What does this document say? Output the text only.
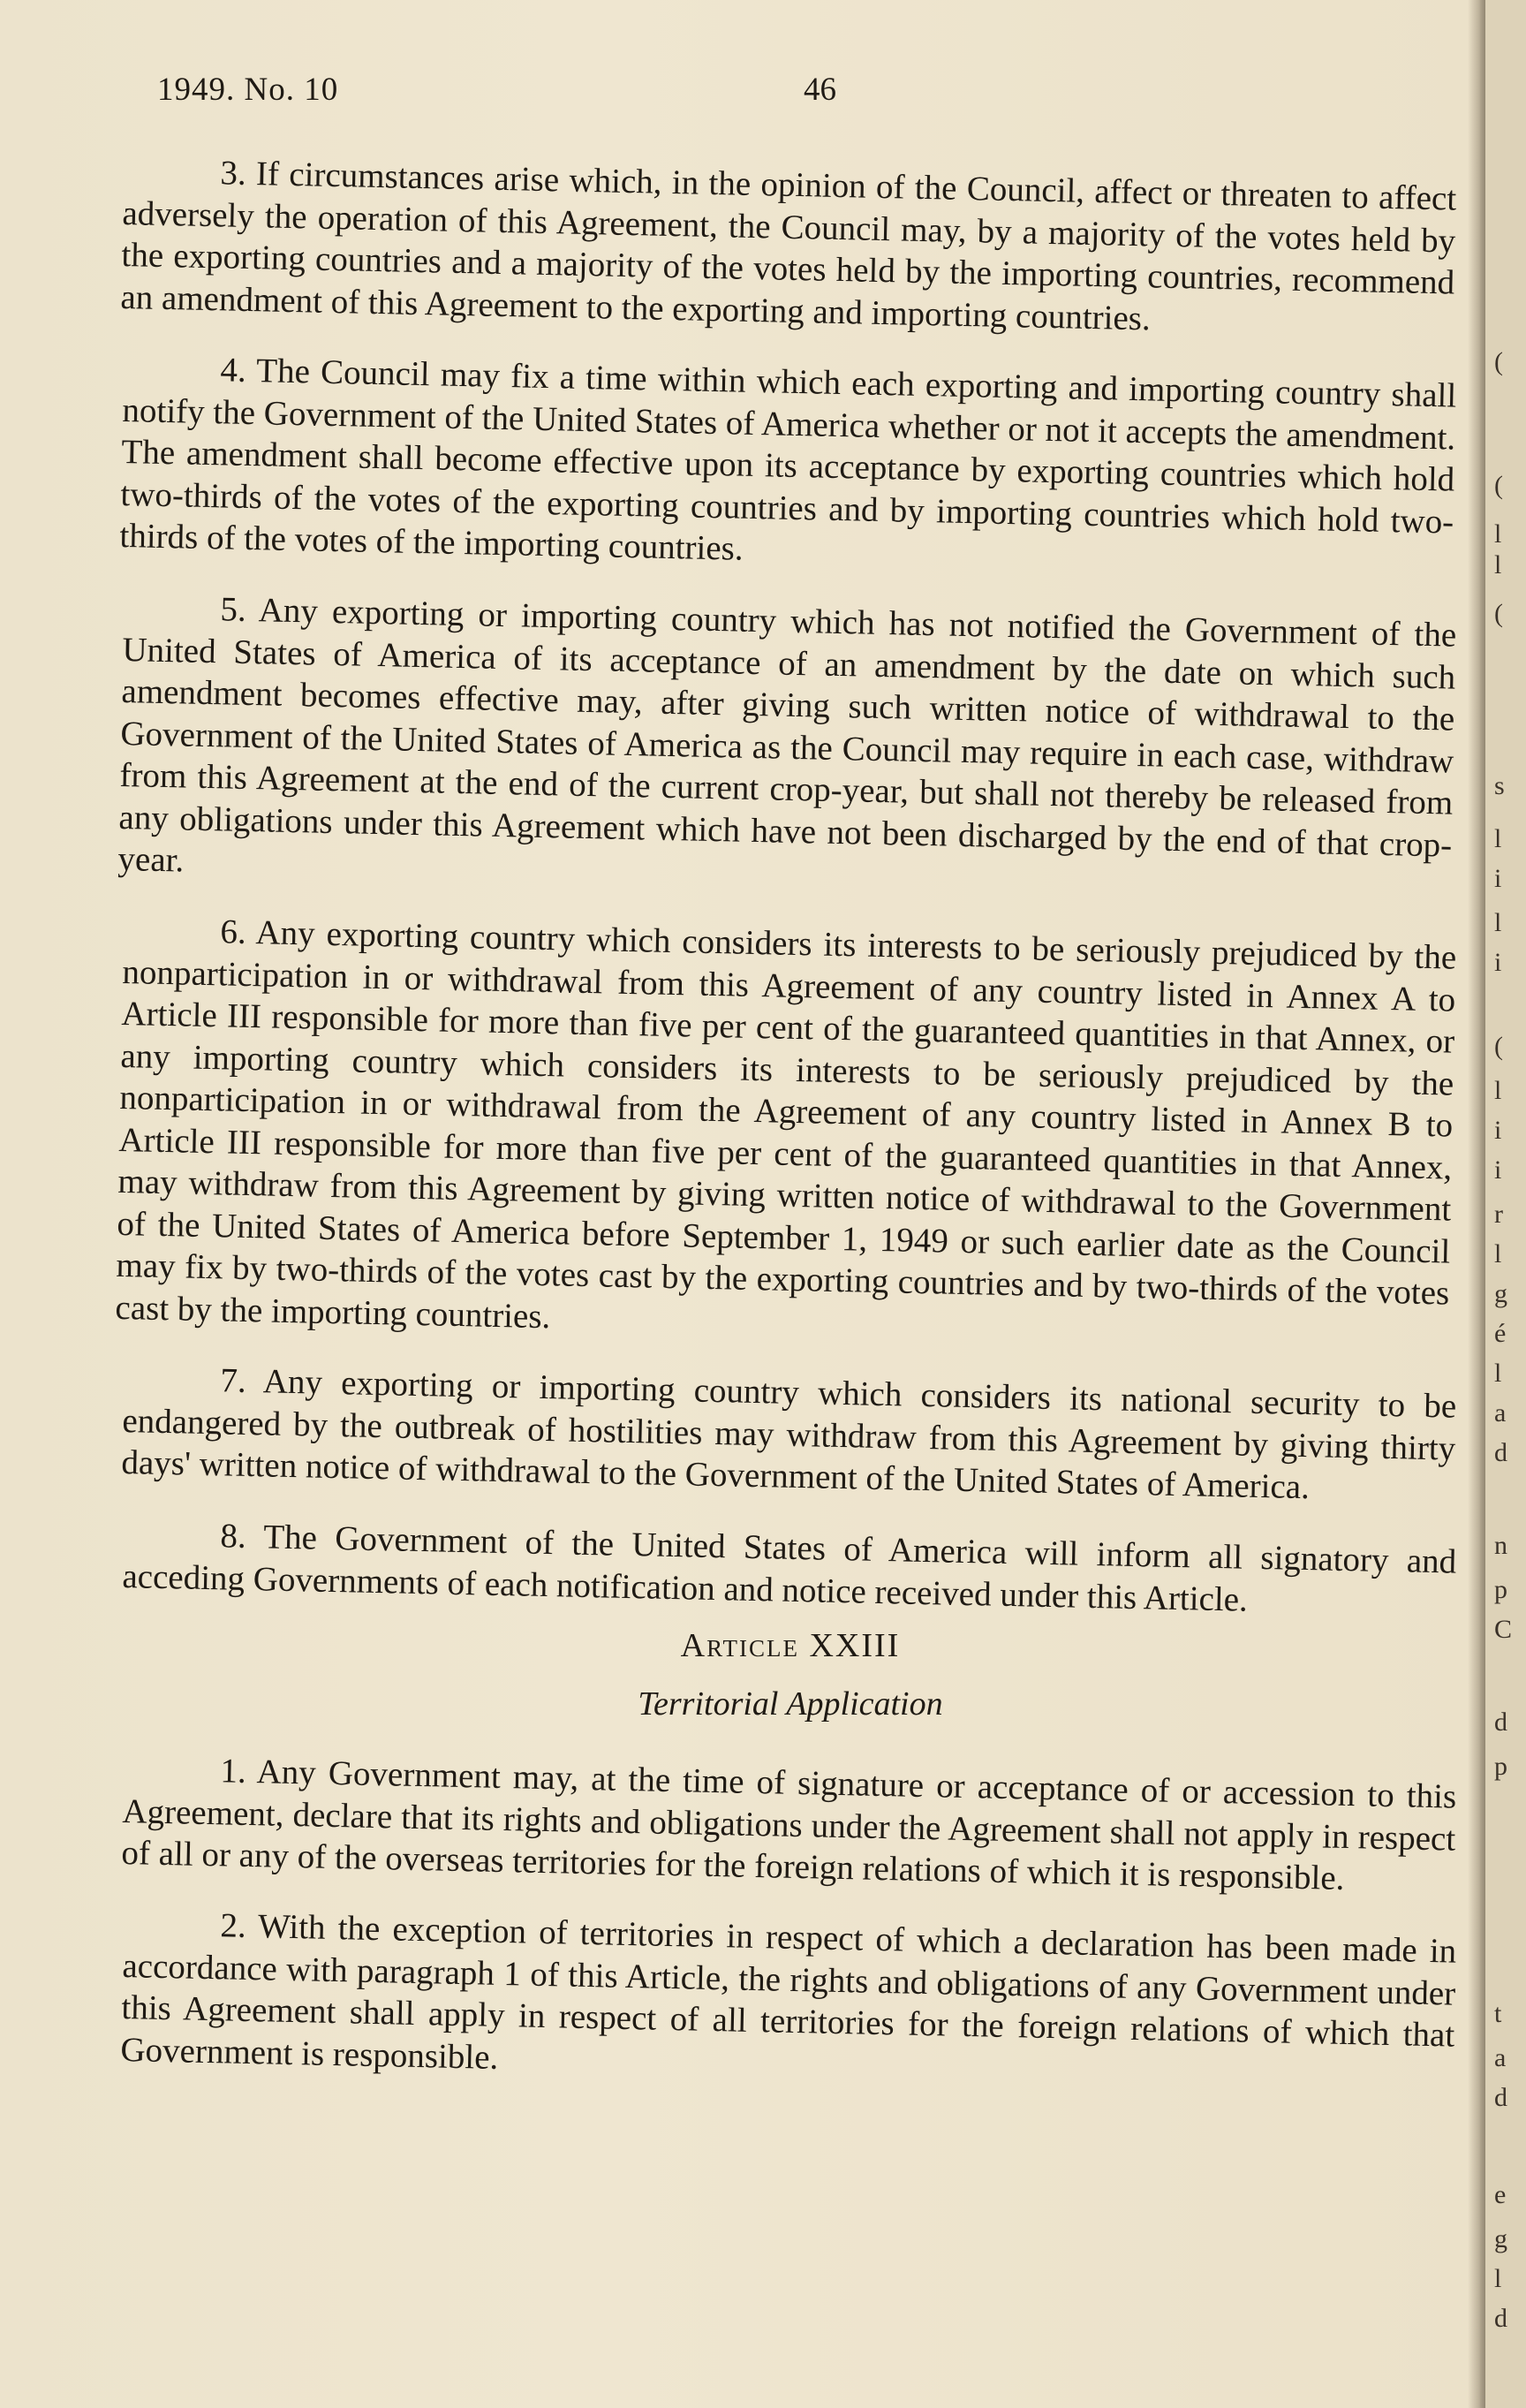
1949. No. 10	46

3. If circumstances arise which, in the opinion of the Council, affect or threaten to affect adversely the operation of this Agreement, the Council may, by a majority of the votes held by the exporting countries and a majority of the votes held by the importing countries, recommend an amendment of this Agreement to the exporting and importing countries.

4. The Council may fix a time within which each exporting and importing country shall notify the Government of the United States of America whether or not it accepts the amendment. The amendment shall become effective upon its acceptance by exporting countries which hold two-thirds of the votes of the exporting countries and by importing countries which hold two-thirds of the votes of the importing countries.

5. Any exporting or importing country which has not notified the Government of the United States of America of its acceptance of an amendment by the date on which such amendment becomes effective may, after giving such written notice of withdrawal to the Government of the United States of America as the Council may require in each case, withdraw from this Agreement at the end of the current crop-year, but shall not thereby be released from any obligations under this Agreement which have not been discharged by the end of that crop-year.

6. Any exporting country which considers its interests to be seriously prejudiced by the nonparticipation in or withdrawal from this Agreement of any country listed in Annex A to Article III responsible for more than five per cent of the guaranteed quantities in that Annex, or any importing country which considers its interests to be seriously prejudiced by the nonparticipation in or withdrawal from the Agreement of any country listed in Annex B to Article III responsible for more than five per cent of the guaranteed quantities in that Annex, may withdraw from this Agreement by giving written notice of withdrawal to the Government of the United States of America before September 1, 1949 or such earlier date as the Council may fix by two-thirds of the votes cast by the exporting countries and by two-thirds of the votes cast by the importing countries.

7. Any exporting or importing country which considers its national security to be endangered by the outbreak of hostilities may withdraw from this Agreement by giving thirty days' written notice of withdrawal to the Government of the United States of America.

8. The Government of the United States of America will inform all signatory and acceding Governments of each notification and notice received under this Article.

Article XXIII
Territorial Application

1. Any Government may, at the time of signature or acceptance of or accession to this Agreement, declare that its rights and obligations under the Agreement shall not apply in respect of all or any of the overseas territories for the foreign relations of which it is responsible.

2. With the exception of territories in respect of which a declaration has been made in accordance with paragraph 1 of this Article, the rights and obligations of any Government under this Agreement shall apply in respect of all territories for the foreign relations of which that Government is responsible.

(
(
l
l
(
s
l
i
l
i
(
l
i
i
r
l
g
é
l
a
d
n
p
C
d
p
t
a
d
e
g
l
d
